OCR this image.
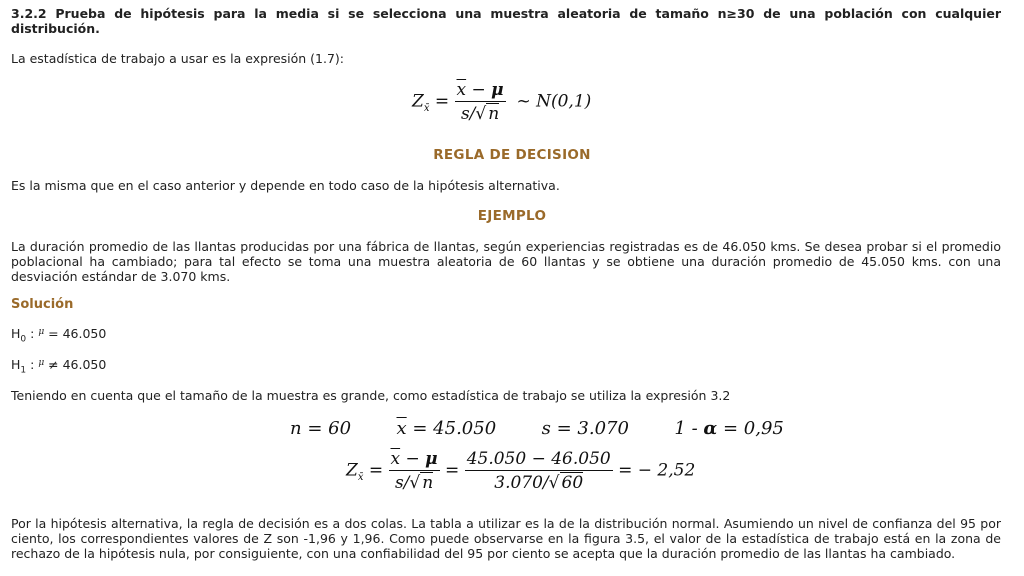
3.2.2 Prueba de hipótesis para la media si se selecciona una muestra aleatoria de tamaño n≥30 de una población con cualquier distribución.
La estadística de trabajo a usar es la expresión (1.7):
$Z_{x̄} = \frac{\overline{x} - \mu}{s/√ n}$ ~ N(0,1)
REGLA DE DECISION
Es la misma que en el caso anterior y depende en todo caso de la hipótesis alternativa.
EJEMPLO
La duración promedio de las llantas producidas por una fábrica de llantas, según experiencias registradas es de 46.050 kms. Se desea probar si el promedio poblacional ha cambiado; para tal efecto se toma una muestra aleatoria de 60 llantas y se obtiene una duración promedio de 45.050 kms. con una desviación estándar de 3.070 kms.
Solución
$H_0$ : $^\mu$ = 46.050
$H_1$ : $^\mu$ ≠ 46.050
Teniendo en cuenta que el tamaño de la muestra es grande, como estadística de trabajo se utiliza la expresión 3.2
n = 60	$\overline{x} = 45.050$	s = 3.070	1 - α = 0,95
$Z_{x̄} = \frac{\overline{x} - \mu}{s/√ n} = \frac{45.050 - 46.050}{3.070/√ 60}$ = − 2,52
Por la hipótesis alternativa, la regla de decisión es a dos colas. La tabla a utilizar es la de la distribución normal. Asumiendo un nivel de confianza del 95 por ciento, los correspondientes valores de Z son -1,96 y 1,96. Como puede observarse en la figura 3.5, el valor de la estadística de trabajo está en la zona de rechazo de la hipótesis nula, por consiguiente, con una confiabilidad del 95 por ciento se acepta que la duración promedio de las llantas ha cambiado.
